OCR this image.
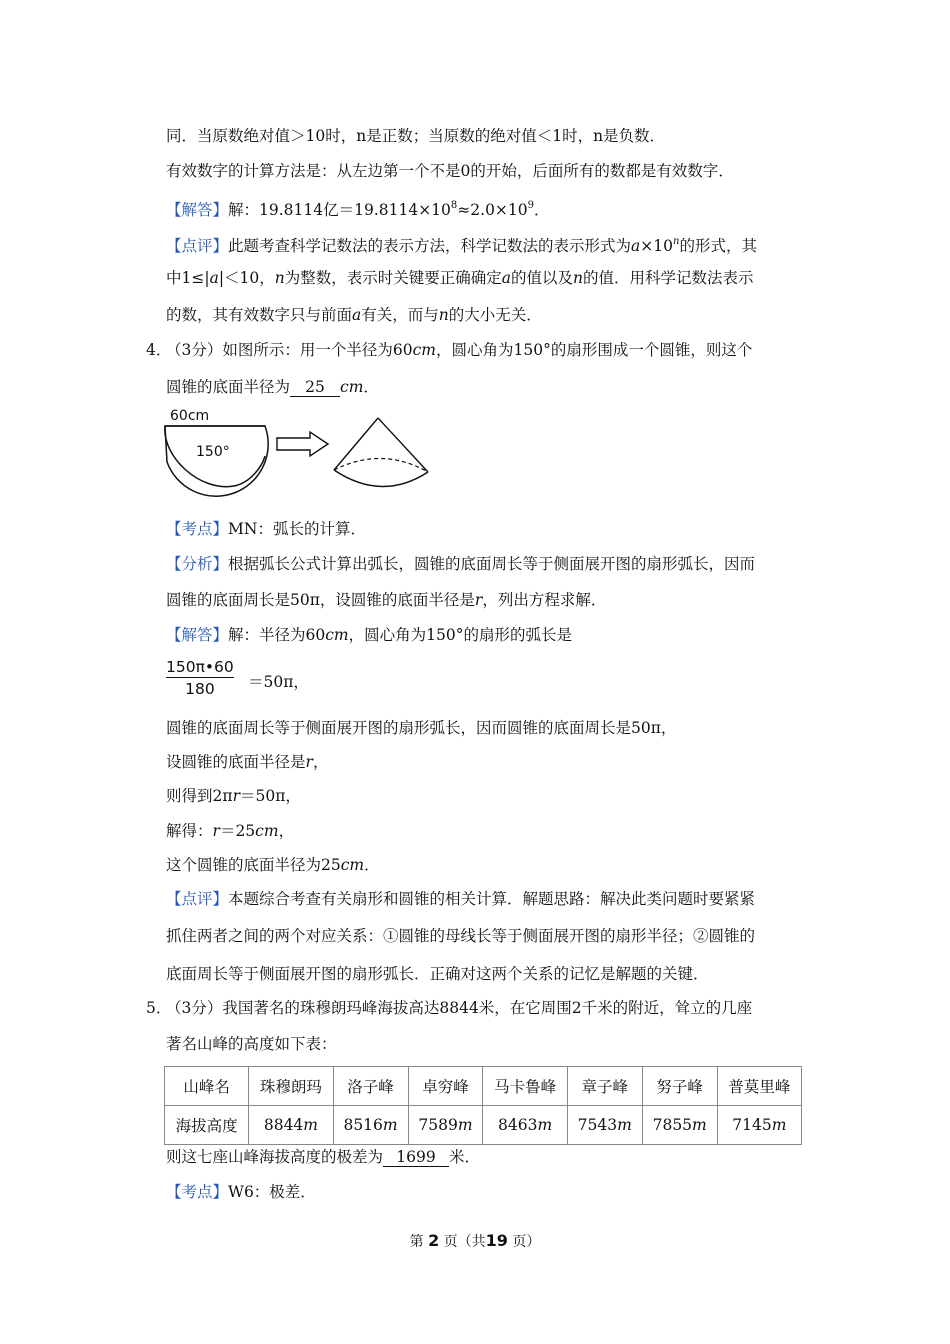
同．当原数绝对值＞10时，n是正数；当原数的绝对值＜1时，n是负数．
有效数字的计算方法是：从左边第一个不是0的开始，后面所有的数都是有效数字．
【解答】解：19.8114亿$=19.8114\times 10^8\approx 2.0\times 10^9$．
【点评】此题考查科学记数法的表示方法，科学记数法的表示形式为$a\times 10^n$的形式，其
中1≤|a|＜10，n为整数，表示时关键要正确确定a的值以及n的值．用科学记数法表示
的数，其有效数字只与前面a有关，而与n的大小无关．
4．
（3分）如图所示：用一个半径为60cm，圆心角为150°的扇形围成一个圆锥，则这个
圆锥的底面半径为 25 cm．
60cm
150°
【考点】MN：弧长的计算．
【分析】根据弧长公式计算出弧长，圆锥的底面周长等于侧面展开图的扇形弧长，因而
圆锥的底面周长是50π，设圆锥的底面半径是r，列出方程求解．
【解答】解：半径为60cm，圆心角为150°的扇形的弧长是
$\frac{150\pi•60}{180} =50\pi$，
圆锥的底面周长等于侧面展开图的扇形弧长，因而圆锥的底面周长是50π，
设圆锥的底面半径是r，
则得到2πr＝50π，
解得：r＝25cm，
这个圆锥的底面半径为25cm．
【点评】本题综合考查有关扇形和圆锥的相关计算．解题思路：解决此类问题时要紧紧
抓住两者之间的两个对应关系：①圆锥的母线长等于侧面展开图的扇形半径；②圆锥的
底面周长等于侧面展开图的扇形弧长．正确对这两个关系的记忆是解题的关键．
5．
（3分）我国著名的珠穆朗玛峰海拔高达8844米，在它周围2千米的附近，耸立的几座
著名山峰的高度如下表：
山峰名	珠穆朗玛	洛子峰	卓穷峰	马卡鲁峰	章子峰	努子峰	普莫里峰
海拔高度	8844m	8516m	7589m	8463m	7543m	7855m	7145m
则这七座山峰海拔高度的极差为 1699 米．
【考点】W6：极差．
第 2 页（共19 页）
